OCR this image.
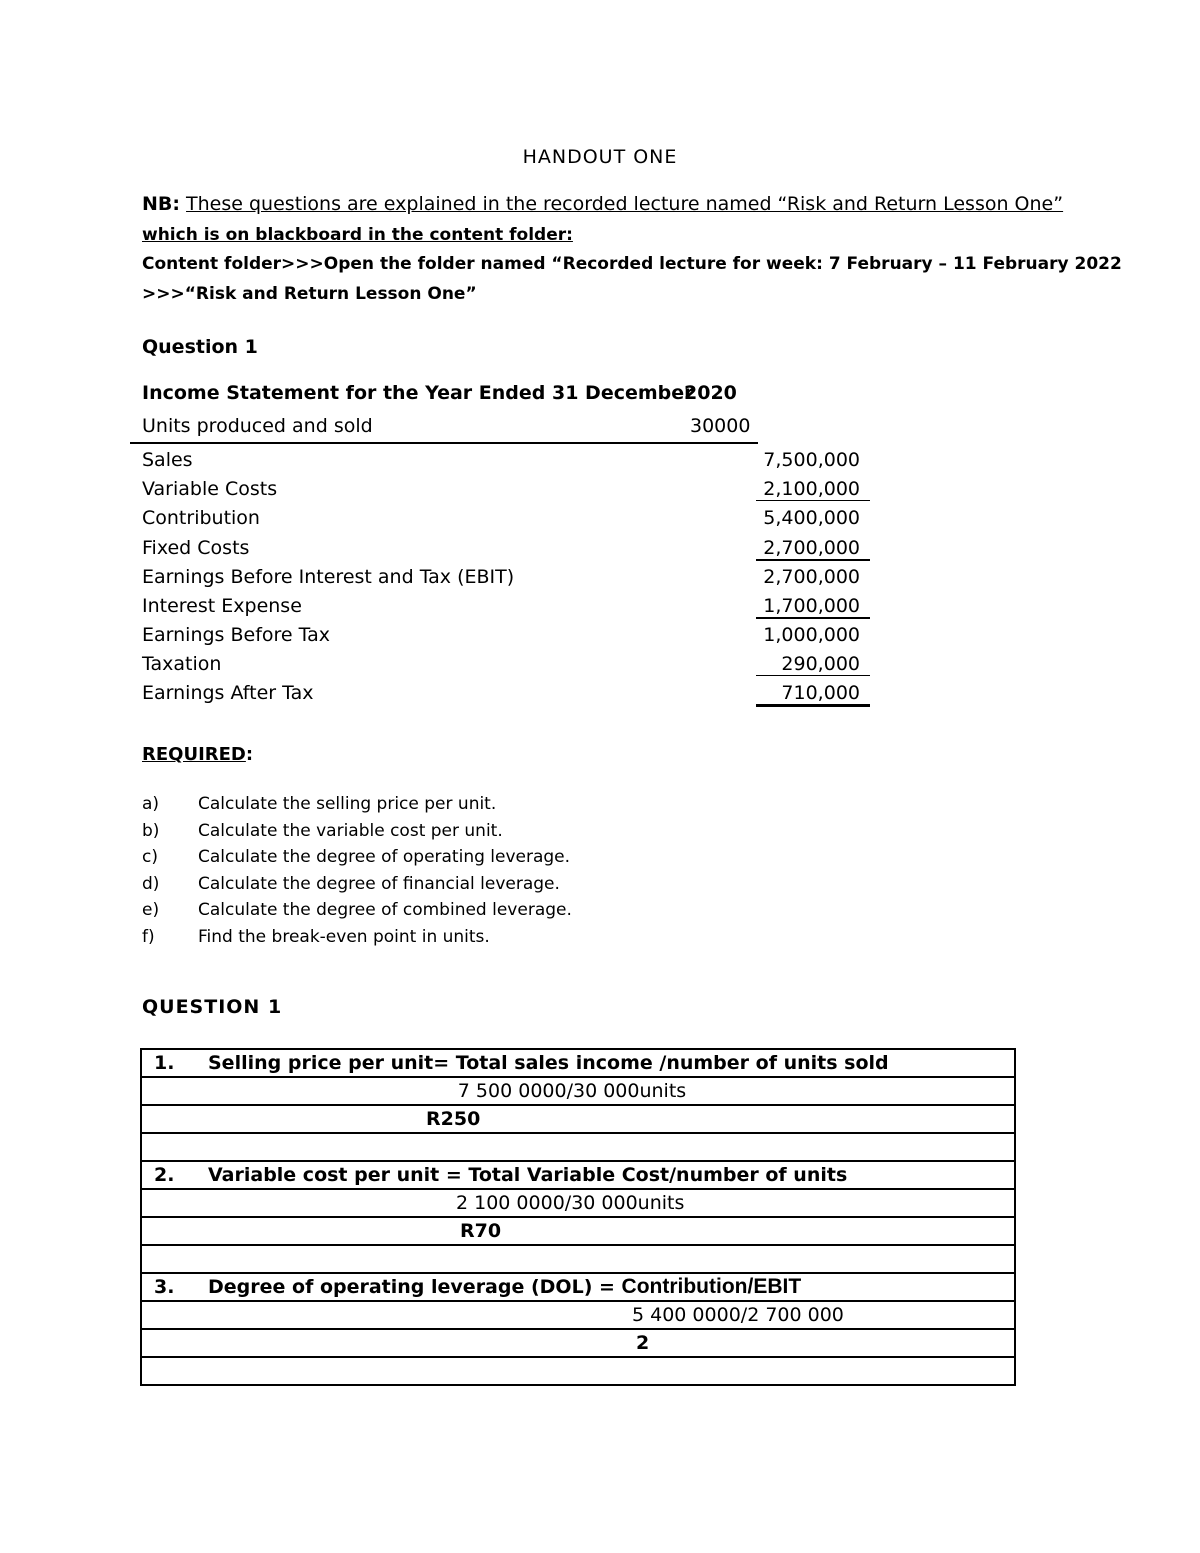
HANDOUT ONE
NB: These questions are explained in the recorded lecture named “Risk and Return Lesson One”
which is on blackboard in the content folder:
Content folder>>>Open the folder named “Recorded lecture for week: 7 February – 11 February 2022
>>>“Risk and Return Lesson One”
Question 1
Income Statement for the Year Ended 31 December
2020
Units produced and sold	30000
Sales	7,500,000
Variable Costs	2,100,000
Contribution	5,400,000
Fixed Costs	2,700,000
Earnings Before Interest and Tax (EBIT)	2,700,000
Interest Expense	1,700,000
Earnings Before Tax	1,000,000
Taxation	290,000
Earnings After Tax	710,000
REQUIRED:
a) Calculate the selling price per unit.
b) Calculate the variable cost per unit.
c) Calculate the degree of operating leverage.
d) Calculate the degree of financial leverage.
e) Calculate the degree of combined leverage.
f)	Find the break-even point in units.
QUESTION 1
1. Selling price per unit= Total sales income /number of units sold
7 500 0000/30 000units
R250

2. Variable cost per unit = Total Variable Cost/number of units
2 100 0000/30 000units
R70

3. Degree of operating leverage (DOL) = Contribution/EBIT
5 400 0000/2 700 000
2
